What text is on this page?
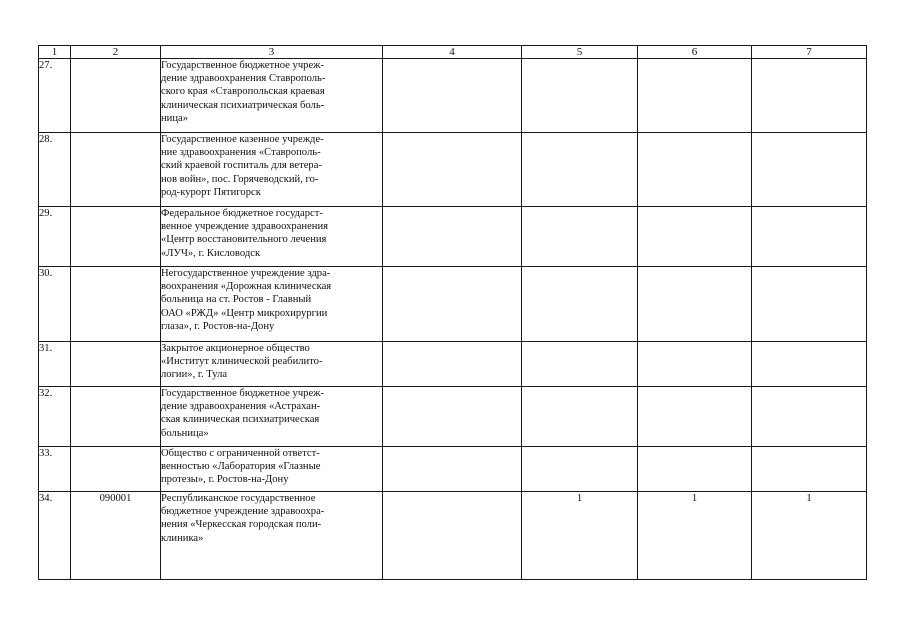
1	2	3	4	5	6	7
27.		Государственное бюджетное учреж-
дение здравоохранения Ставрополь-
ского края «Ставропольская краевая
клиническая психиатрическая боль-
ница»				

28.		Государственное казенное учрежде-
ние здравоохранения «Ставрополь-
ский краевой госпиталь для ветера-
нов войн», пос. Горячеводский, го-
род-курорт Пятигорск				

29.		Федеральное бюджетное государст-
венное учреждение здравоохранения
«Центр восстановительного лечения
«ЛУЧ», г. Кисловодск				

30.		Негосударственное учреждение здра-
воохранения «Дорожная клиническая
больница на ст. Ростов - Главный
ОАО «РЖД» «Центр микрохирургии
глаза», г. Ростов-на-Дону				

31.		Закрытое акционерное общество
«Институт клинической реабилито-
логии», г. Тула				

32.		Государственное бюджетное учреж-
дение здравоохранения «Астрахан-
ская клиническая психиатрическая
больница»				

33.		Общество с ограниченной ответст-
венностью «Лаборатория «Глазные
протезы», г. Ростов-на-Дону				

34.	090001	Республиканское государственное
бюджетное учреждение здравоохра-
нения «Черкесская городская поли-
клиника»		1	1	1
